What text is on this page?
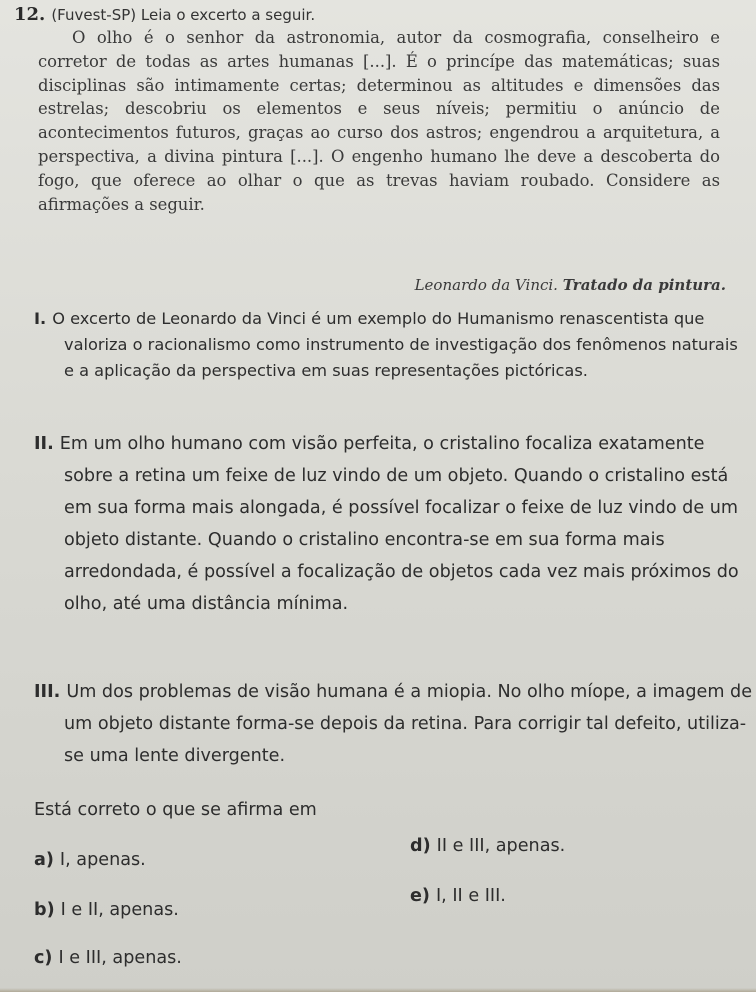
12. (Fuvest-SP) Leia o excerto a seguir.

O olho é o senhor da astronomia, autor da cosmografia, conselheiro e corretor de todas as artes humanas [...]. É o princípe das matemáticas; suas disciplinas são intimamente certas; determinou as altitudes e dimensões das estrelas; descobriu os elementos e seus níveis; permitiu o anúncio de acontecimentos futuros, graças ao curso dos astros; engendrou a arquitetura, a perspectiva, a divina pintura [...]. O engenho humano lhe deve a descoberta do fogo, que oferece ao olhar o que as trevas haviam roubado. Considere as afirmações a seguir.

Leonardo da Vinci. Tratado da pintura.
I. O excerto de Leonardo da Vinci é um exemplo do Humanismo renascentista que valoriza o racionalismo como instrumento de investigação dos fenômenos naturais e a aplicação da perspectiva em suas representações pictóricas.
II. Em um olho humano com visão perfeita, o cristalino focaliza exatamente sobre a retina um feixe de luz vindo de um objeto. Quando o cristalino está em sua forma mais alongada, é possível focalizar o feixe de luz vindo de um objeto distante. Quando o cristalino encontra-se em sua forma mais arredondada, é possível a focalização de objetos cada vez mais próximos do olho, até uma distância mínima.
III. Um dos problemas de visão humana é a miopia. No olho míope, a imagem de um objeto distante forma-se depois da retina. Para corrigir tal defeito, utiliza-se uma lente divergente.
Está correto o que se afirma em
a) I, apenas.
b) I e II, apenas.
c) I e III, apenas.
d) II e III, apenas.
e) I, II e III.
